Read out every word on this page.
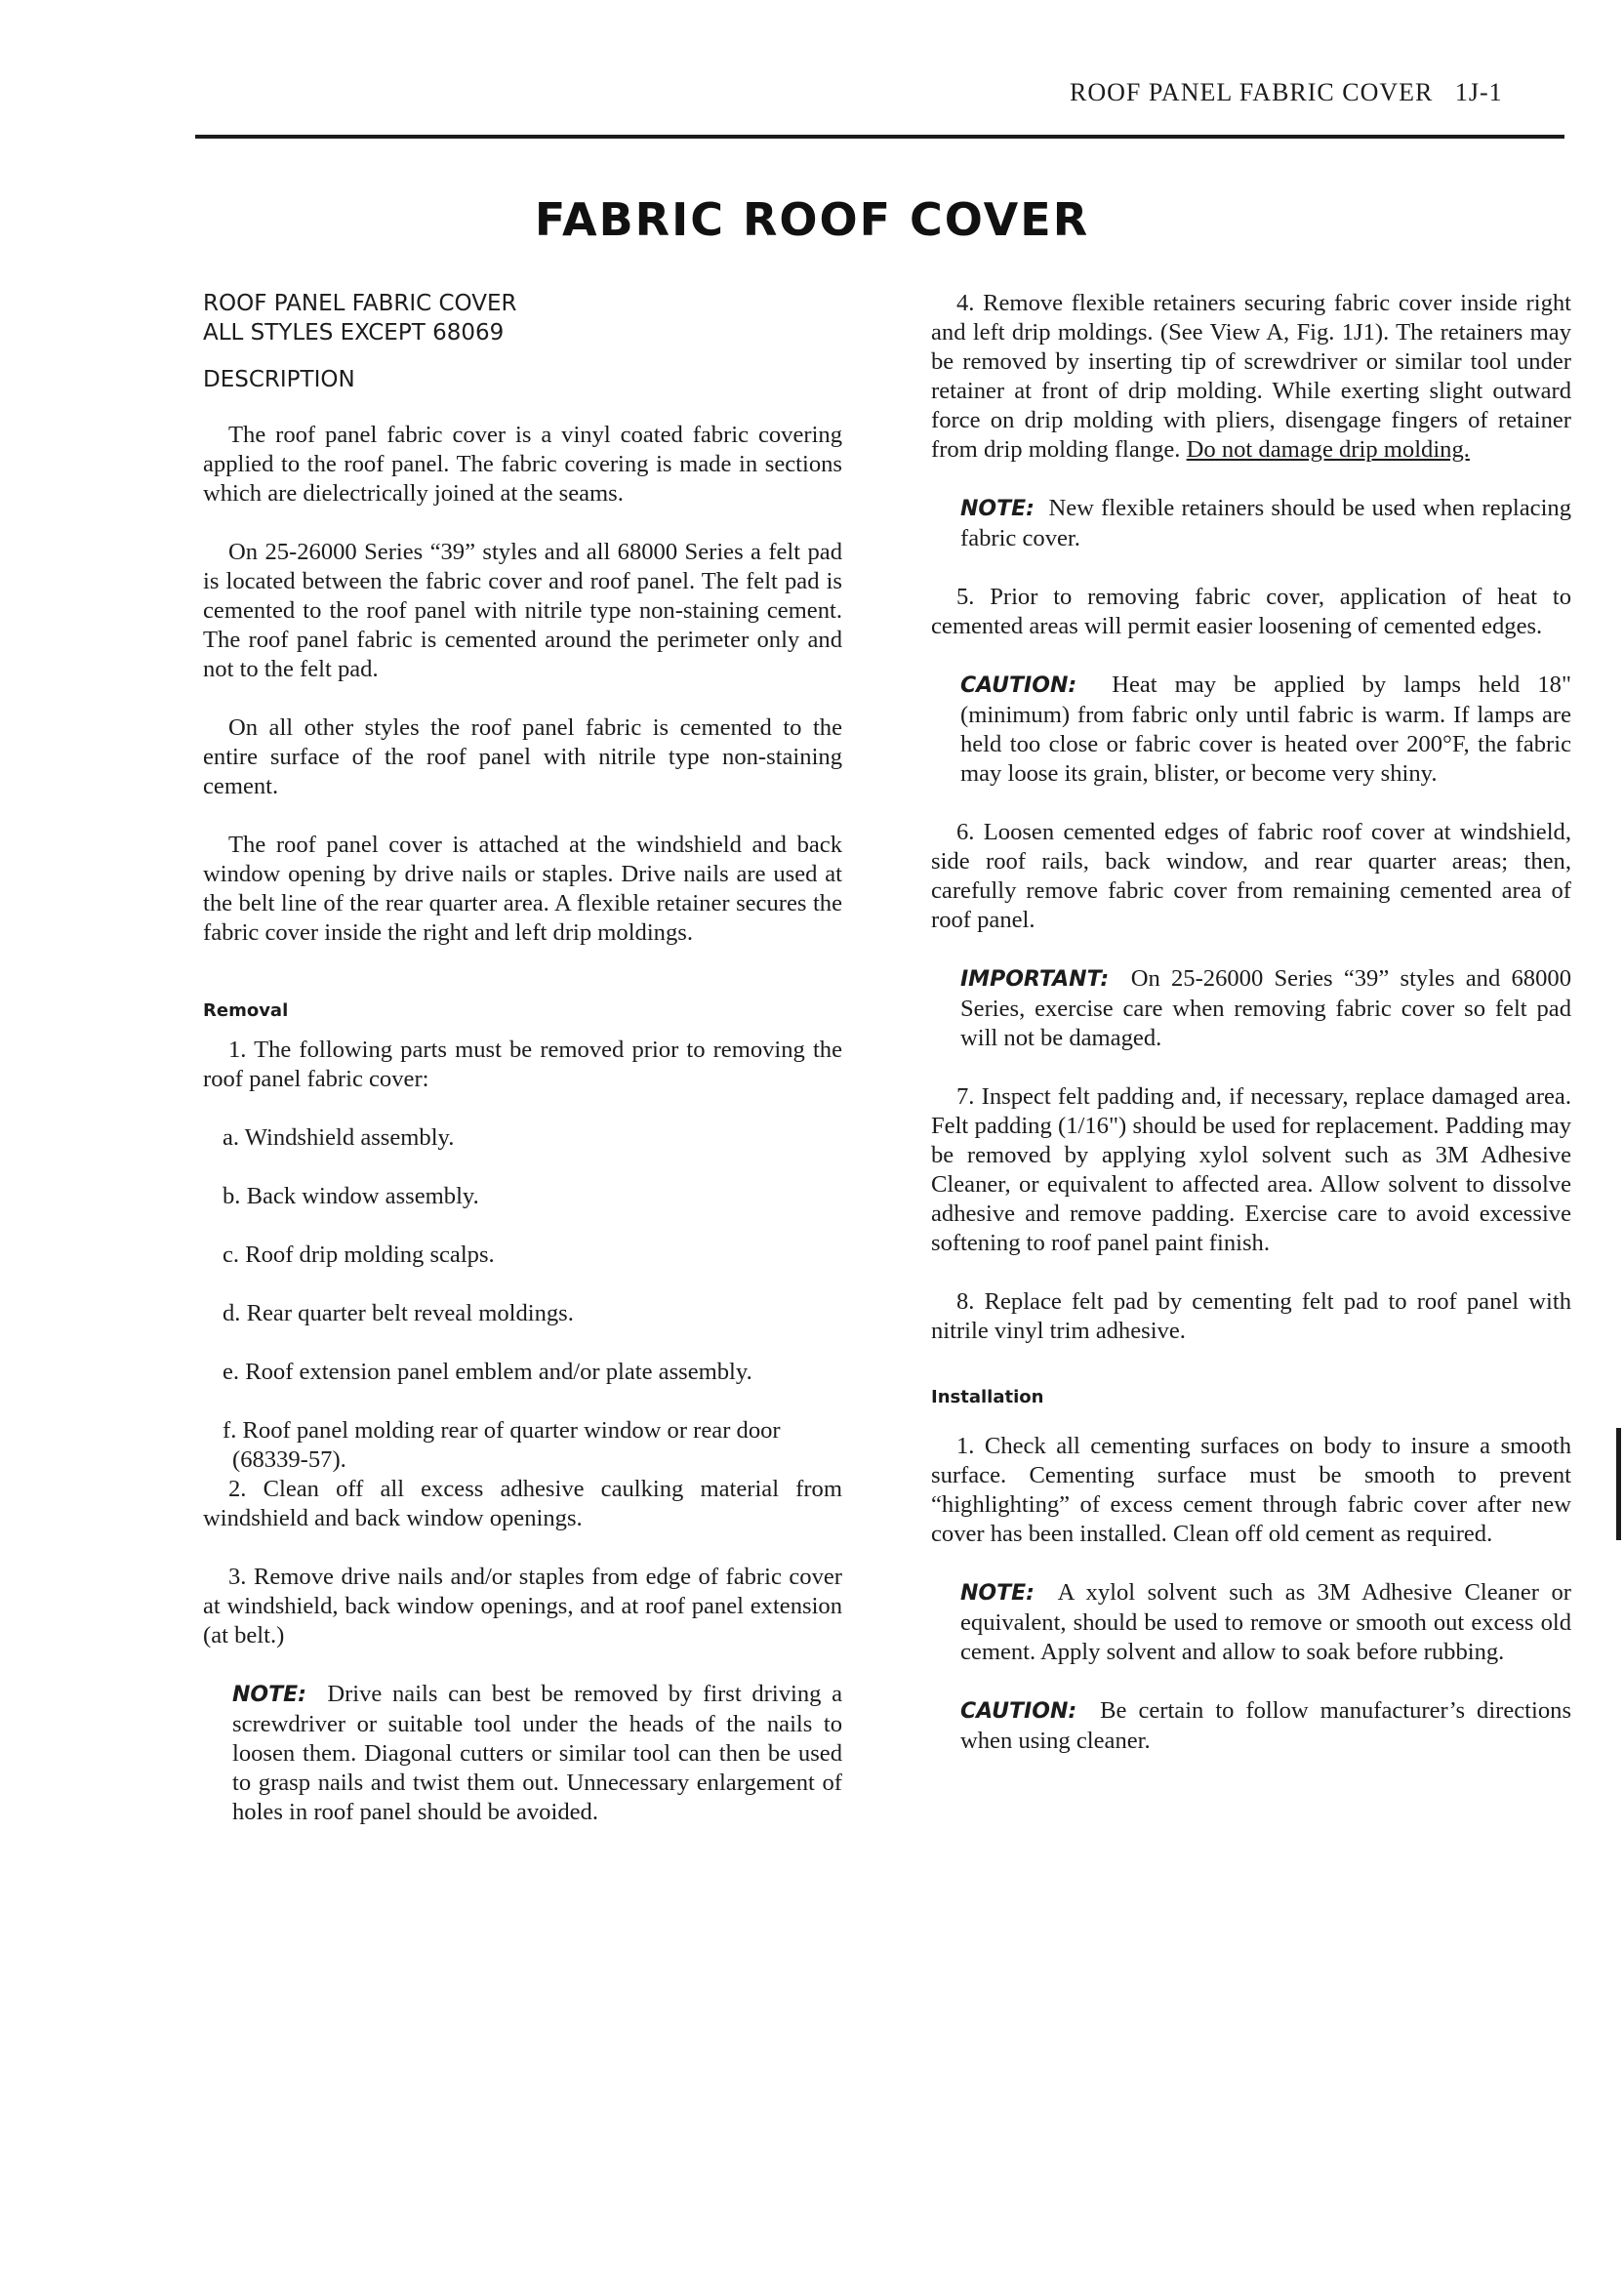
ROOF PANEL FABRIC COVER 1J-1
FABRIC ROOF COVER
ROOF PANEL FABRIC COVER
ALL STYLES EXCEPT 68069
DESCRIPTION

The roof panel fabric cover is a vinyl coated fabric covering applied to the roof panel. The fabric covering is made in sections which are dielectrically joined at the seams.

On 25-26000 Series “39” styles and all 68000 Series a felt pad is located between the fabric cover and roof panel. The felt pad is cemented to the roof panel with nitrile type non-staining cement. The roof panel fabric is cemented around the perimeter only and not to the felt pad.

On all other styles the roof panel fabric is cemented to the entire surface of the roof panel with nitrile type non-staining cement.

The roof panel cover is attached at the windshield and back window opening by drive nails or staples. Drive nails are used at the belt line of the rear quarter area. A flexible retainer secures the fabric cover inside the right and left drip moldings.

Removal

1. The following parts must be removed prior to removing the roof panel fabric cover:

a. Windshield assembly.

b. Back window assembly.

c. Roof drip molding scalps.

d. Rear quarter belt reveal moldings.

e. Roof extension panel emblem and/or plate assembly.

f. Roof panel molding rear of quarter window or rear door (68339-57).

2. Clean off all excess adhesive caulking material from windshield and back window openings.

3. Remove drive nails and/or staples from edge of fabric cover at windshield, back window openings, and at roof panel extension (at belt.)

NOTE: Drive nails can best be removed by first driving a screwdriver or suitable tool under the heads of the nails to loosen them. Diagonal cutters or similar tool can then be used to grasp nails and twist them out. Unnecessary enlargement of holes in roof panel should be avoided.

4. Remove flexible retainers securing fabric cover inside right and left drip moldings. (See View A, Fig. 1J1). The retainers may be removed by inserting tip of screwdriver or similar tool under retainer at front of drip molding. While exerting slight outward force on drip molding with pliers, disengage fingers of retainer from drip molding flange. Do not damage drip molding.

NOTE: New flexible retainers should be used when replacing fabric cover.

5. Prior to removing fabric cover, application of heat to cemented areas will permit easier loosening of cemented edges.

CAUTION: Heat may be applied by lamps held 18" (minimum) from fabric only until fabric is warm. If lamps are held too close or fabric cover is heated over 200°F, the fabric may loose its grain, blister, or become very shiny.

6. Loosen cemented edges of fabric roof cover at windshield, side roof rails, back window, and rear quarter areas; then, carefully remove fabric cover from remaining cemented area of roof panel.

IMPORTANT: On 25-26000 Series “39” styles and 68000 Series, exercise care when removing fabric cover so felt pad will not be damaged.

7. Inspect felt padding and, if necessary, replace damaged area. Felt padding (1/16") should be used for replacement. Padding may be removed by applying xylol solvent such as 3M Adhesive Cleaner, or equivalent to affected area. Allow solvent to dissolve adhesive and remove padding. Exercise care to avoid excessive softening to roof panel paint finish.

8. Replace felt pad by cementing felt pad to roof panel with nitrile vinyl trim adhesive.

Installation

1. Check all cementing surfaces on body to insure a smooth surface. Cementing surface must be smooth to prevent “highlighting” of excess cement through fabric cover after new cover has been installed. Clean off old cement as required.

NOTE: A xylol solvent such as 3M Adhesive Cleaner or equivalent, should be used to remove or smooth out excess old cement. Apply solvent and allow to soak before rubbing.

CAUTION: Be certain to follow manufacturer’s directions when using cleaner.
